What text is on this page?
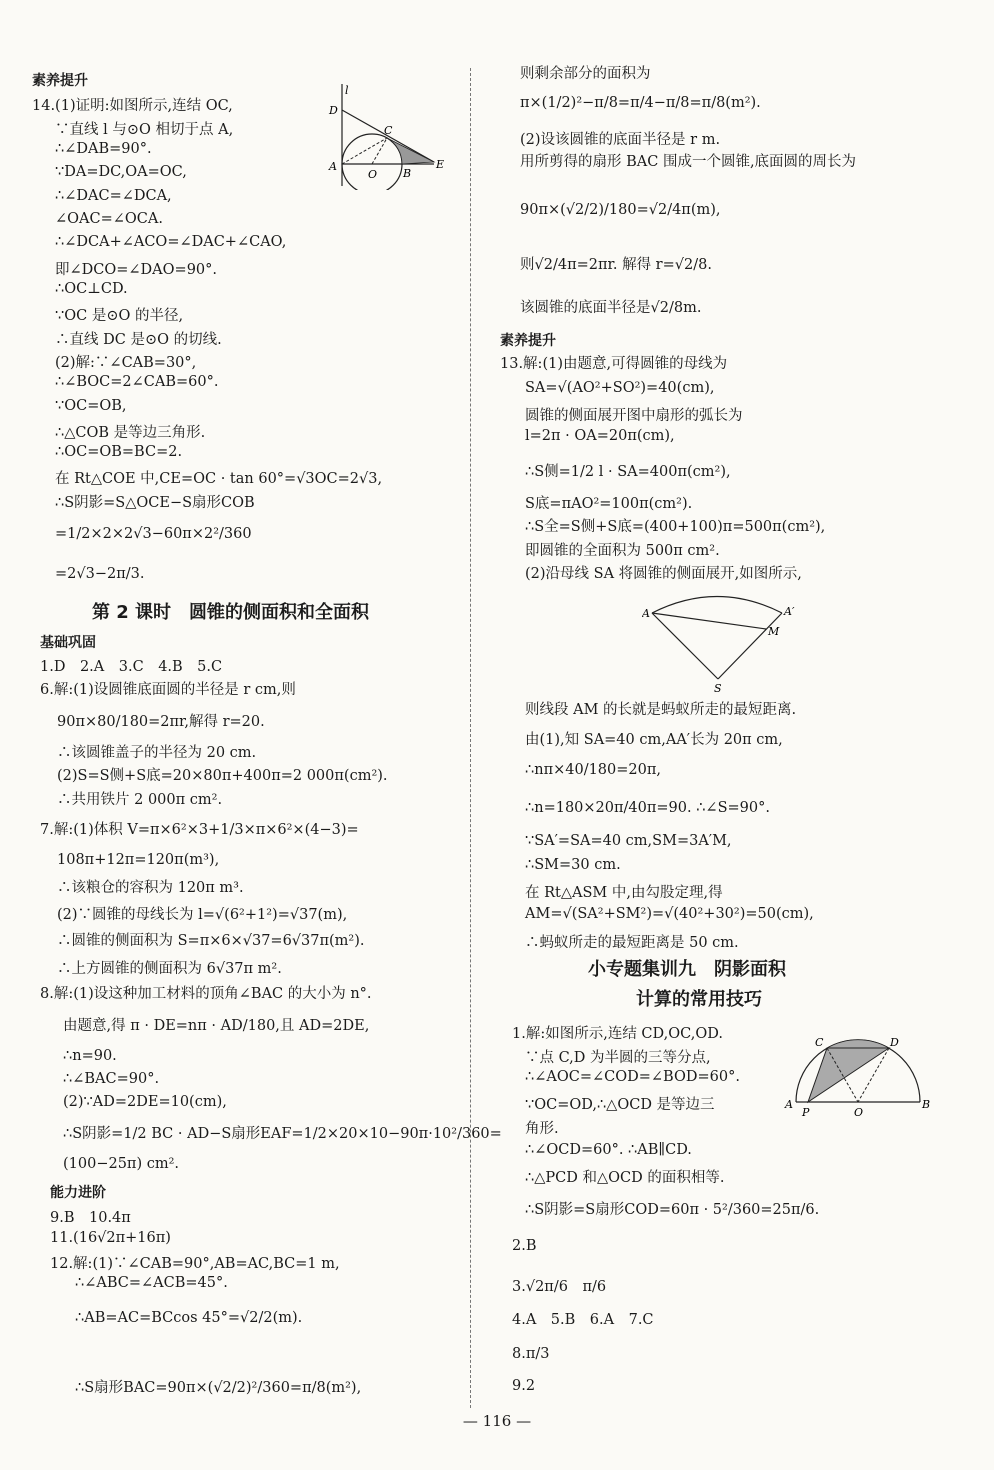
素养提升
14.(1)证明:如图所示,连结 OC,
∵直线 l 与⊙O 相切于点 A,
∴∠DAB=90°.
∵DA=DC,OA=OC,
∴∠DAC=∠DCA,
∠OAC=∠OCA.
∴∠DCA+∠ACO=∠DAC+∠CAO,
即∠DCO=∠DAO=90°.
∴OC⊥CD.
∵OC 是⊙O 的半径,
∴直线 DC 是⊙O 的切线.
(2)解:∵∠CAB=30°,
∴∠BOC=2∠CAB=60°.
∵OC=OB,
∴△COB 是等边三角形.
∴OC=OB=BC=2.
在 Rt△COE 中,CE=OC · tan 60°=√3OC=2√3,
∴S阴影=S△OCE−S扇形COB
=1/2×2×2√3−60π×2²/360
=2√3−2π/3.
l
D
C
A
O B
E
第 2 课时　圆锥的侧面积和全面积
基础巩固
1.D　2.A　3.C　4.B　5.C
6.解:(1)设圆锥底面圆的半径是 r cm,则
90π×80/180=2πr,解得 r=20.
∴该圆锥盖子的半径为 20 cm.
(2)S=S侧+S底=20×80π+400π=2 000π(cm²).
∴共用铁片 2 000π cm².
7.解:(1)体积 V=π×6²×3+1/3×π×6²×(4−3)=
108π+12π=120π(m³),
∴该粮仓的容积为 120π m³.
(2)∵圆锥的母线长为 l=√(6²+1²)=√37(m),
∴圆锥的侧面积为 S=π×6×√37=6√37π(m²).
∴上方圆锥的侧面积为 6√37π m².
8.解:(1)设这种加工材料的顶角∠BAC 的大小为 n°.
由题意,得 π · DE=nπ · AD/180,且 AD=2DE,
∴n=90.
∴∠BAC=90°.
(2)∵AD=2DE=10(cm),
∴S阴影=1/2 BC · AD−S扇形EAF=1/2×20×10−90π·10²/360=
(100−25π) cm².
能力进阶
9.B　10.4π
11.(16√2π+16π)
12.解:(1)∵∠CAB=90°,AB=AC,BC=1 m,
∴∠ABC=∠ACB=45°.
∴AB=AC=BCcos 45°=√2/2(m).
∴S扇形BAC=90π×(√2/2)²/360=π/8(m²),
则剩余部分的面积为
π×(1/2)²−π/8=π/4−π/8=π/8(m²).
(2)设该圆锥的底面半径是 r m.
用所剪得的扇形 BAC 围成一个圆锥,底面圆的周长为
90π×(√2/2)/180=√2/4π(m),
则√2/4π=2πr. 解得 r=√2/8.
该圆锥的底面半径是√2/8m.
素养提升
13.解:(1)由题意,可得圆锥的母线为
SA=√(AO²+SO²)=40(cm),
圆锥的侧面展开图中扇形的弧长为
l=2π · OA=20π(cm),
∴S侧=1/2 l · SA=400π(cm²),
S底=πAO²=100π(cm²).
∴S全=S侧+S底=(400+100)π=500π(cm²),
即圆锥的全面积为 500π cm².
(2)沿母线 SA 将圆锥的侧面展开,如图所示,
A	A′
M
S
则线段 AM 的长就是蚂蚁所走的最短距离.
由(1),知 SA=40 cm,AA′长为 20π cm,
∴nπ×40/180=20π,
∴n=180×20π/40π=90. ∴∠S=90°.
∵SA′=SA=40 cm,SM=3A′M,
∴SM=30 cm.
在 Rt△ASM 中,由勾股定理,得
AM=√(SA²+SM²)=√(40²+30²)=50(cm),
∴蚂蚁所走的最短距离是 50 cm.
小专题集训九　阴影面积
计算的常用技巧
1.解:如图所示,连结 CD,OC,OD.
∵点 C,D 为半圆的三等分点,
∴∠AOC=∠COD=∠BOD=60°.
∵OC=OD,∴△OCD 是等边三
角形.
∴∠OCD=60°. ∴AB∥CD.
∴△PCD 和△OCD 的面积相等.
∴S阴影=S扇形COD=60π · 5²/360=25π/6.
C	D
A
P	O
B
2.B
3.√2π/6　π/6
4.A　5.B　6.A　7.C
8.π/3
9.2
— 116 —
